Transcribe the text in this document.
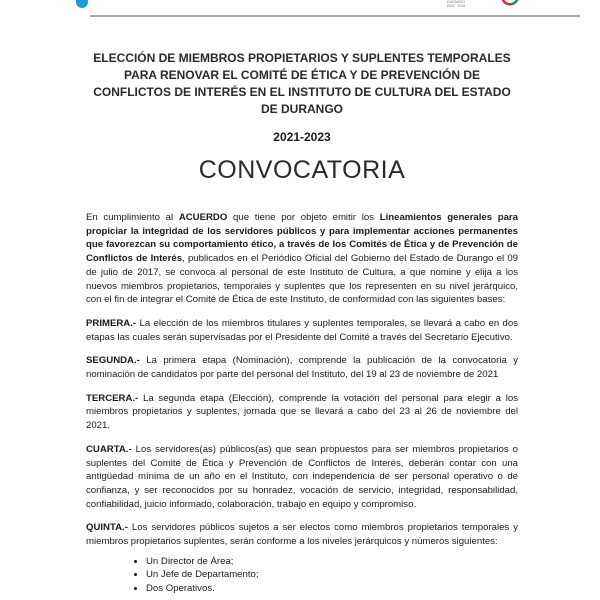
DURANGO
2016 · 2022

ELECCIÓN DE MIEMBROS PROPIETARIOS Y SUPLENTES TEMPORALES PARA RENOVAR EL COMITÉ DE ÉTICA Y DE PREVENCIÓN DE CONFLICTOS DE INTERÉS EN EL INSTITUTO DE CULTURA DEL ESTADO DE DURANGO

2021-2023

CONVOCATORIA

En cumplimiento al ACUERDO que tiene por objeto emitir los Lineamientos generales para propiciar la integridad de los servidores públicos y para implementar acciones permanentes que favorezcan su comportamiento ético, a través de los Comités de Ética y de Prevención de Conflictos de Interés, publicados en el Periódico Oficial del Gobierno del Estado de Durango el 09 de julio de 2017, se convoca al personal de este Instituto de Cultura, a que nomine y elija a los nuevos miembros propietarios, temporales y suplentes que los representen en su nivel jerárquico, con el fin de integrar el Comité de Ética de este Instituto, de conformidad con las siguientes bases:

PRIMERA.- La elección de los miembros titulares y suplentes temporales, se llevará a cabo en dos etapas las cuales serán supervisadas por el Presidente del Comité a través del Secretario Ejecutivo.

SEGUNDA.- La primera etapa (Nominación), comprende la publicación de la convocatoria y nominación de candidatos por parte del personal del Instituto, del 19 al 23 de noviembre de 2021

TERCERA.- La segunda etapa (Elección), comprende la votación del personal para elegir a los miembros propietarios y suplentes, jornada que se llevará a cabo del 23 al 26 de noviembre del 2021.

CUARTA.- Los servidores(as) públicos(as) que sean propuestos para ser miembros propietarios o suplentes del Comité de Ética y Prevención de Conflictos de Interés, deberán contar con una antigüedad mínima de un año en el Instituto, con independencia de ser personal operativo o de confianza, y ser reconocidos por su honradez, vocación de servicio, integridad, responsabilidad, confiabilidad, juicio informado, colaboración, trabajo en equipo y compromiso.

QUINTA.- Los servidores públicos sujetos a ser electos como miembros propietarios temporales y miembros propietarios suplentes, serán conforme a los niveles jerárquicos y números siguientes:

• Un Director de Área;
• Un Jefe de Departamento;
• Dos Operativos.
